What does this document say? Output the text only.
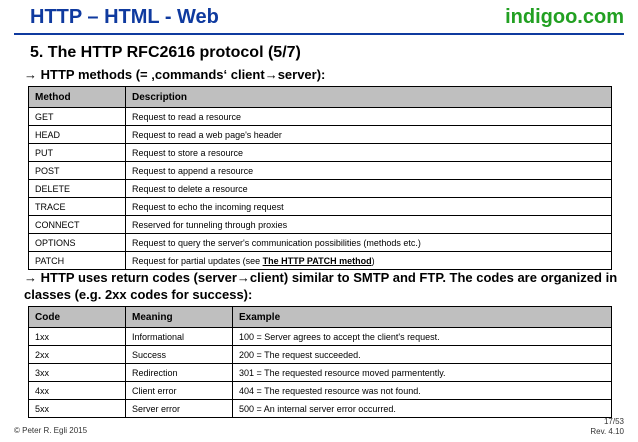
HTTP – HTML - Web	indigoo.com
5. The HTTP RFC2616 protocol (5/7)
→ HTTP methods (= ‚commands‘ client→server):
Method	Description
GET	Request to read a resource
HEAD	Request to read a web page's header
PUT	Request to store a resource
POST	Request to append a resource
DELETE	Request to delete a resource
TRACE	Request to echo the incoming request
CONNECT	Reserved for tunneling through proxies
OPTIONS	Request to query the server's communication possibilities (methods etc.)
PATCH	Request for partial updates (see The HTTP PATCH method)
→ HTTP uses return codes (server→client) similar to SMTP and FTP. The codes are organized in classes (e.g. 2xx codes for success):
Code	Meaning	Example
1xx	Informational	100 = Server agrees to accept the client's request.
2xx	Success	200 = The request succeeded.
3xx	Redirection	301 = The requested resource moved parmentently.
4xx	Client error	404 = The requested resource was not found.
5xx	Server error	500 = An internal server error occurred.
© Peter R. Egli 2015
17/53
Rev. 4.10
